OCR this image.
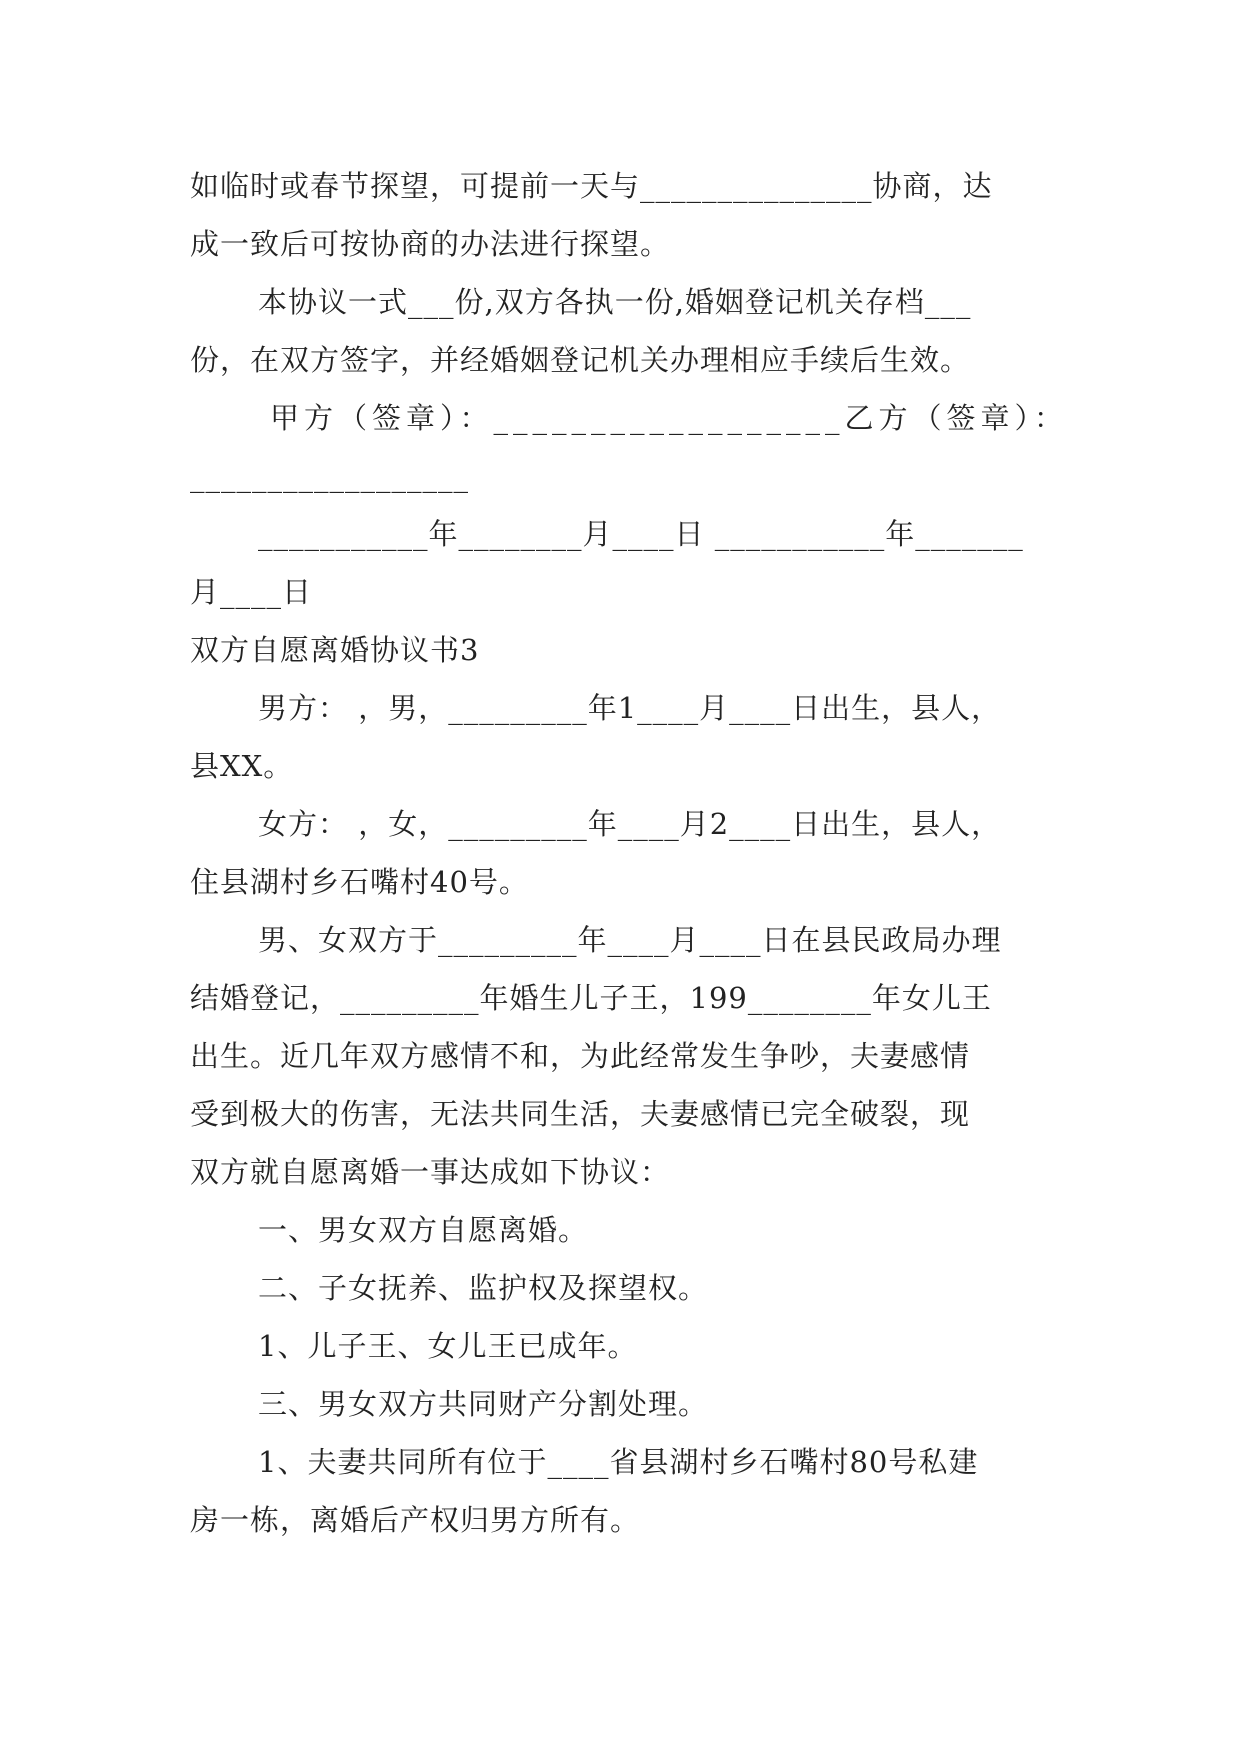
如临时或春节探望，可提前一天与_______________协商，达
成一致后可按协商的办法进行探望。
本协议一式___份,双方各执一份,婚姻登记机关存档___
份，在双方签字，并经婚姻登记机关办理相应手续后生效。
甲方（签章）：__________________乙方（签章）：
__________________
___________年________月____日 ___________年_______
月____日
双方自愿离婚协议书3
男方： ，男，_________年1____月____日出生，县人，
县XX。
女方： ，女，_________年____月2____日出生，县人，
住县湖村乡石嘴村40号。
男、女双方于_________年____月____日在县民政局办理
结婚登记，_________年婚生儿子王，199________年女儿王
出生。近几年双方感情不和，为此经常发生争吵，夫妻感情
受到极大的伤害，无法共同生活，夫妻感情已完全破裂，现
双方就自愿离婚一事达成如下协议：
一、男女双方自愿离婚。
二、子女抚养、监护权及探望权。
1、儿子王、女儿王已成年。
三、男女双方共同财产分割处理。
1、夫妻共同所有位于____省县湖村乡石嘴村80号私建
房一栋，离婚后产权归男方所有。
